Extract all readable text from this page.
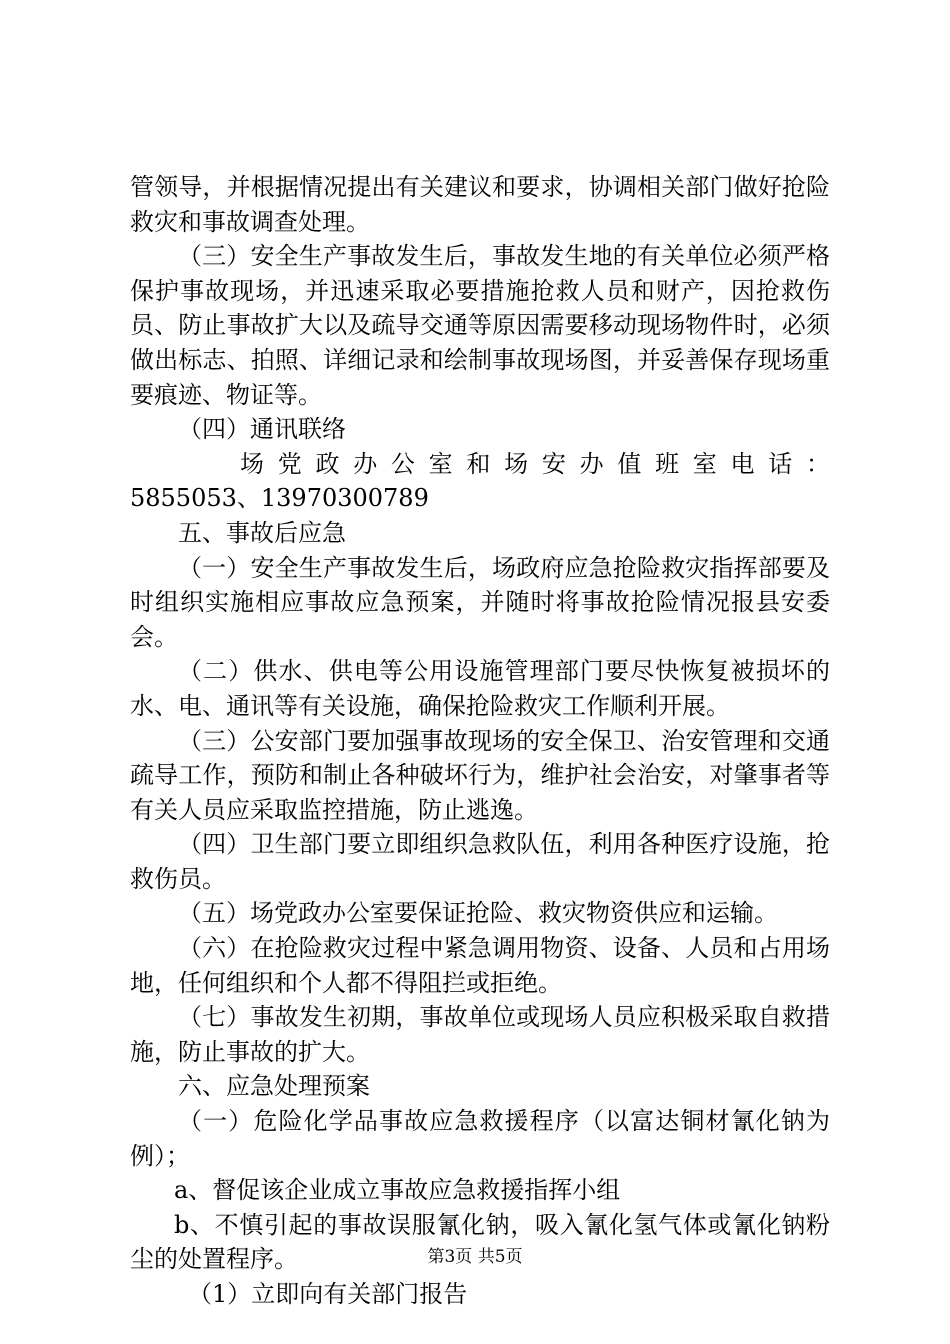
管领导，并根据情况提出有关建议和要求，协调相关部门做好抢险救灾和事故调查处理。

（三）安全生产事故发生后，事故发生地的有关单位必须严格保护事故现场，并迅速采取必要措施抢救人员和财产，因抢救伤员、防止事故扩大以及疏导交通等原因需要移动现场物件时，必须做出标志、拍照、详细记录和绘制事故现场图，并妥善保存现场重要痕迹、物证等。

（四）通讯联络

场党政办公室和场安办值班室电话：

5855053、13970300789

五、事故后应急

（一）安全生产事故发生后，场政府应急抢险救灾指挥部要及时组织实施相应事故应急预案，并随时将事故抢险情况报县安委会。

（二）供水、供电等公用设施管理部门要尽快恢复被损坏的水、电、通讯等有关设施，确保抢险救灾工作顺利开展。

（三）公安部门要加强事故现场的安全保卫、治安管理和交通疏导工作，预防和制止各种破坏行为，维护社会治安，对肇事者等有关人员应采取监控措施，防止逃逸。

（四）卫生部门要立即组织急救队伍，利用各种医疗设施，抢救伤员。

（五）场党政办公室要保证抢险、救灾物资供应和运输。

（六）在抢险救灾过程中紧急调用物资、设备、人员和占用场地，任何组织和个人都不得阻拦或拒绝。

（七）事故发生初期，事故单位或现场人员应积极采取自救措施，防止事故的扩大。

六、应急处理预案

（一）危险化学品事故应急救援程序（以富达铜材氰化钠为例）；

a、督促该企业成立事故应急救援指挥小组

b、不慎引起的事故误服氰化钠，吸入氰化氢气体或氰化钠粉尘的处置程序。

（1）立即向有关部门报告

第3页 共5页
